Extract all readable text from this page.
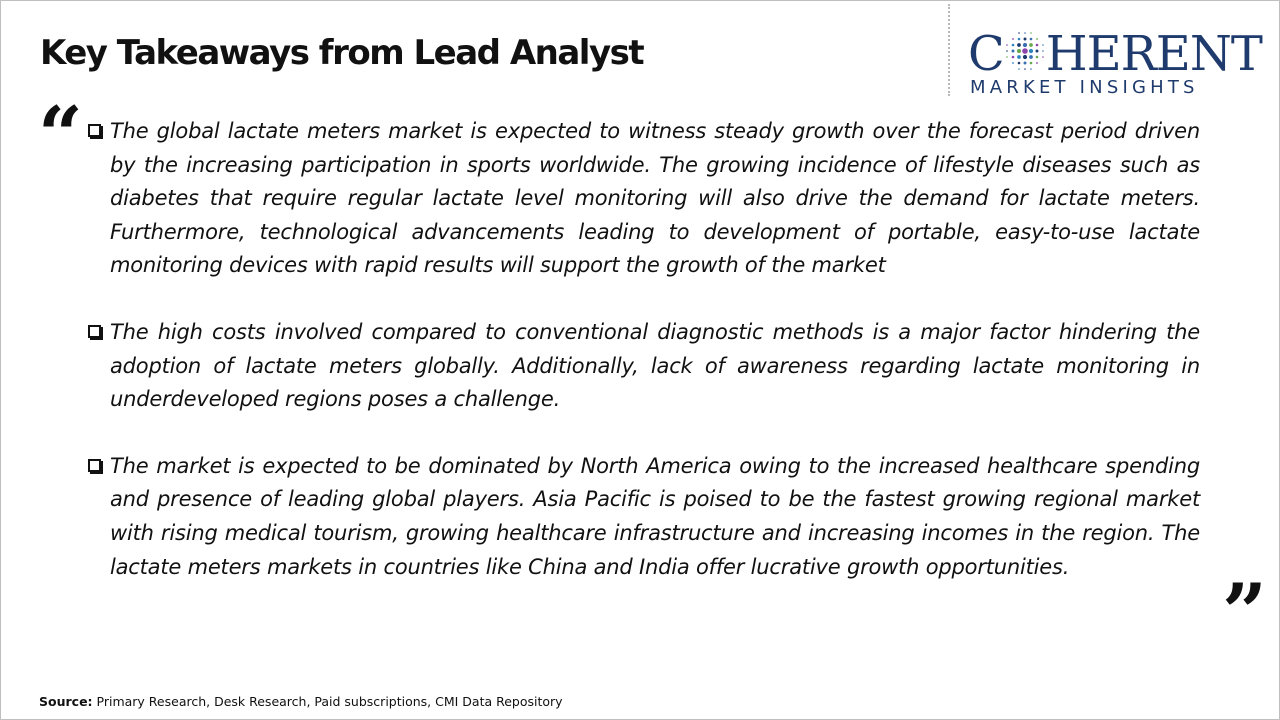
Key Takeaways from Lead Analyst	C HERENT
MARKET INSIGHTS
“	The global lactate meters market is expected to witness steady growth over the forecast period driven by the increasing participation in sports worldwide. The growing incidence of lifestyle diseases such as diabetes that require regular lactate level monitoring will also drive the demand for lactate meters. Furthermore, technological advancements leading to development of portable, easy-to-use lactate monitoring devices with rapid results will support the growth of the market
The high costs involved compared to conventional diagnostic methods is a major factor hindering the adoption of lactate meters globally. Additionally, lack of awareness regarding lactate monitoring in underdeveloped regions poses a challenge.
The market is expected to be dominated by North America owing to the increased healthcare spending and presence of leading global players. Asia Pacific is poised to be the fastest growing regional market with rising medical tourism, growing healthcare infrastructure and increasing incomes in the region. The lactate meters markets in countries like China and India offer lucrative growth opportunities.
”
Source: Primary Research, Desk Research, Paid subscriptions, CMI Data Repository
